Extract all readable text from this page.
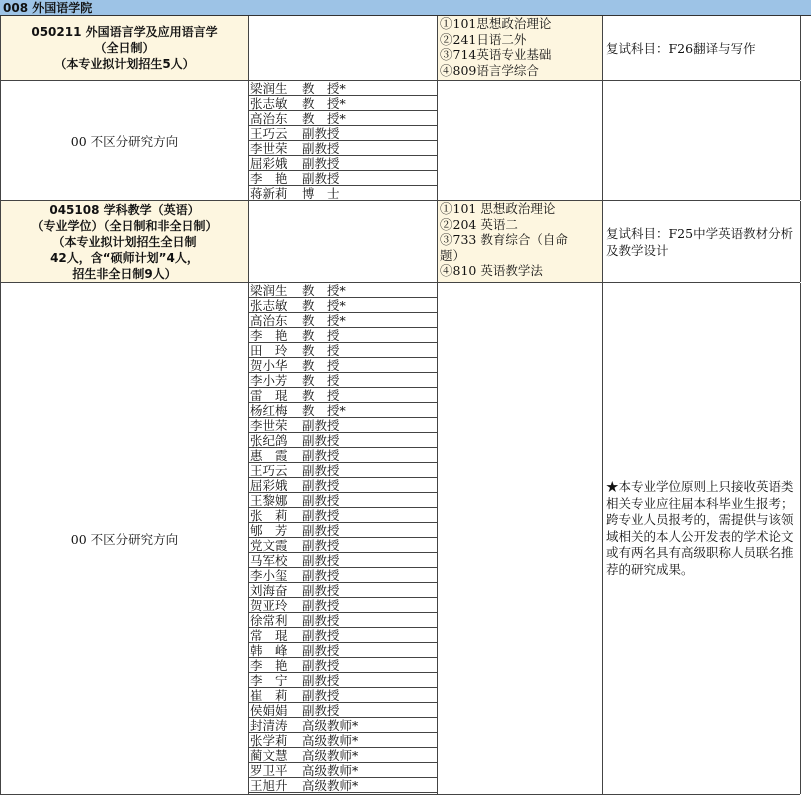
008 外国语学院
050211 外国语言学及应用语言学
（全日制）
（本专业拟计划招生5人）
①101思想政治理论
②241日语二外
③714英语专业基础
④809语言学综合
复试科目：F26翻译与写作
00 不区分研究方向
梁润生 教　授*
张志敏 教　授*
高治东 教　授*
王巧云 副教授
李世荣 副教授
屈彩娥 副教授
李　艳 副教授
蒋新莉 博　士
045108 学科教学（英语）
（专业学位）（全日制和非全日制）
（本专业拟计划招生全日制
42人，含“硕师计划”4人，
招生非全日制9人）
①101 思想政治理论
②204 英语二
③733 教育综合（自命
题）
④810 英语教学法
复试科目：F25中学英语教材分析及教学设计
00 不区分研究方向
梁润生 教　授*
张志敏 教　授*
高治东 教　授*
李　艳 教　授
田　玲 教　授
贺小华 教　授
李小芳 教　授
雷　琨 教　授
杨红梅 教　授*
李世荣 副教授
张纪鸽 副教授
惠　霞 副教授
王巧云 副教授
屈彩娥 副教授
王黎娜 副教授
张　莉 副教授
郇　芳 副教授
党文霞 副教授
马军校 副教授
李小玺 副教授
刘海奋 副教授
贺亚玲 副教授
徐常利 副教授
常　琨 副教授
韩　峰 副教授
李　艳 副教授
李　宁 副教授
崔　莉 副教授
侯娟娟 副教授
封清涛 高级教师*
张学莉 高级教师*
蔺文慧 高级教师*
罗卫平 高级教师*
王旭升 高级教师*
★本专业学位原则上只接收英语类相关专业应往届本科毕业生报考；跨专业人员报考的，需提供与该领域相关的本人公开发表的学术论文或有两名具有高级职称人员联名推荐的研究成果。
